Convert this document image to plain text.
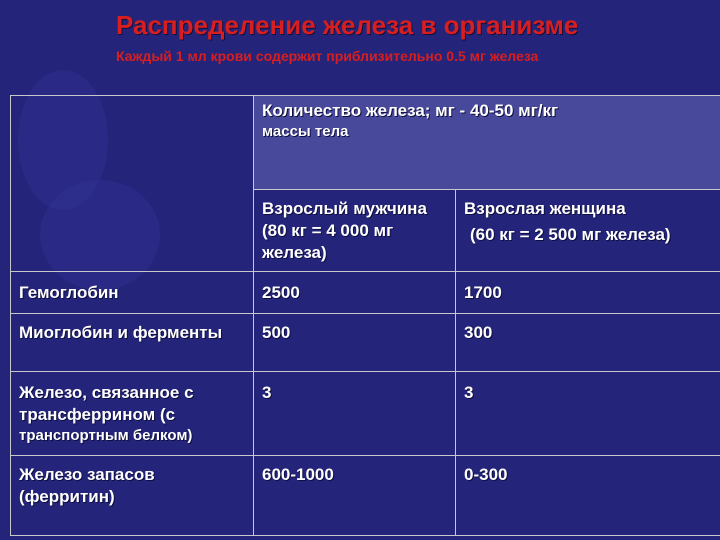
Распределение железа в организме
Каждый 1 мл крови содержит приблизительно 0.5 мг железа

	Количество железа; мг - 40-50 мг/кг
массы тела	

	Взрослый мужчина (80 кг = 4 000 мг железа)	Взрослая женщина
(60 кг = 2 500 мг железа)

Гемоглобин	2500	1700
Миоглобин и ферменты	500	300

Железо, связанное с трансферрином (с
транспортным белком)	3	3
Железо запасов (ферритин)	600-1000	0-300
